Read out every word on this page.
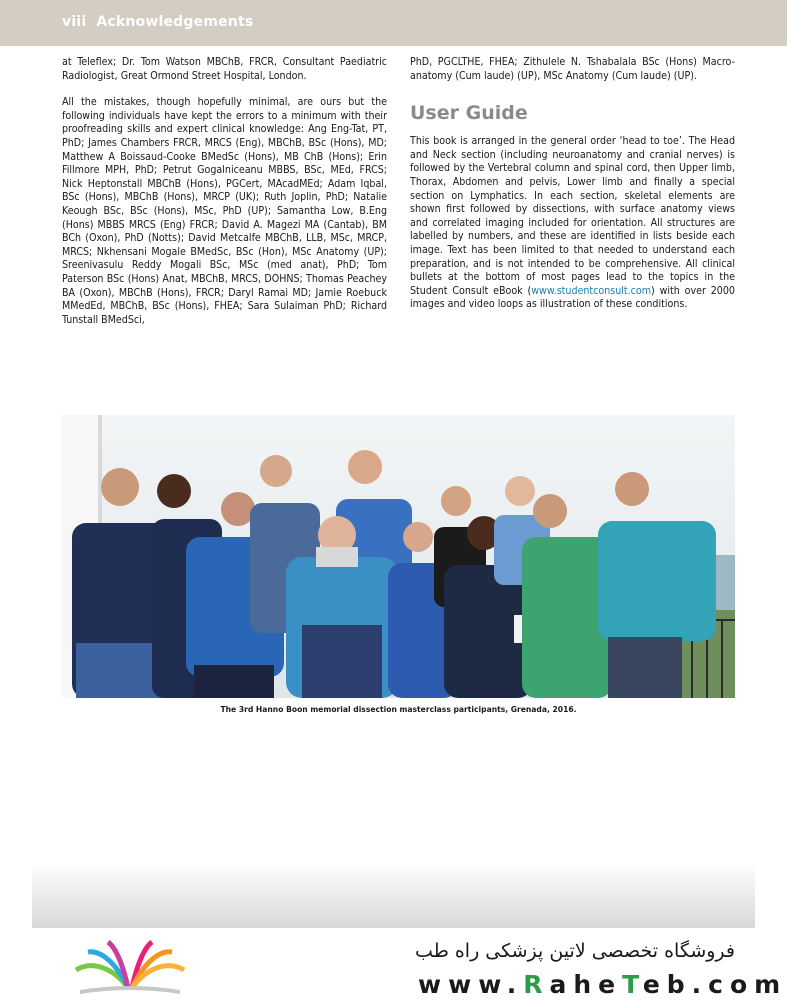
viii Acknowledgements

at Teleflex; Dr. Tom Watson MBChB, FRCR, Consultant Paediatric Radiologist, Great Ormond Street Hospital, London.

All the mistakes, though hopefully minimal, are ours but the following individuals have kept the errors to a minimum with their proofreading skills and expert clinical knowledge: Ang Eng-Tat, PT, PhD; James Chambers FRCR, MRCS (Eng), MBChB, BSc (Hons), MD; Matthew A Boissaud-Cooke BMedSc (Hons), MB ChB (Hons); Erin Fillmore MPH, PhD; Petrut Gogalniceanu MBBS, BSc, MEd, FRCS; Nick Heptonstall MBChB (Hons), PGCert, MAcadMEd; Adam Iqbal, BSc (Hons), MBChB (Hons), MRCP (UK); Ruth Joplin, PhD; Natalie Keough BSc, BSc (Hons), MSc, PhD (UP); Samantha Low, B.Eng (Hons) MBBS MRCS (Eng) FRCR; David A. Magezi MA (Cantab), BM BCh (Oxon), PhD (Notts); David Metcalfe MBChB, LLB, MSc, MRCP, MRCS; Nkhensani Mogale BMedSc, BSc (Hon), MSc Anatomy (UP); Sreenivasulu Reddy Mogali BSc, MSc (med anat), PhD; Tom Paterson BSc (Hons) Anat, MBChB, MRCS, DOHNS; Thomas Peachey BA (Oxon), MBChB (Hons), FRCR; Daryl Ramai MD; Jamie Roebuck MMedEd, MBChB, BSc (Hons), FHEA; Sara Sulaiman PhD; Richard Tunstall BMedSci,

PhD, PGCLTHE, FHEA; Zithulele N. Tshabalala BSc (Hons) Macro-anatomy (Cum laude) (UP), MSc Anatomy (Cum laude) (UP).

User Guide

This book is arranged in the general order ‘head to toe’. The Head and Neck section (including neuroanatomy and cranial nerves) is followed by the Vertebral column and spinal cord, then Upper limb, Thorax, Abdomen and pelvis, Lower limb and finally a special section on Lymphatics. In each section, skeletal elements are shown first followed by dissections, with surface anatomy views and correlated imaging included for orientation. All structures are labelled by numbers, and these are identified in lists beside each image. Text has been limited to that needed to understand each preparation, and is not intended to be comprehensive. All clinical bullets at the bottom of most pages lead to the topics in the Student Consult eBook (www.studentconsult.com) with over 2000 images and video loops as illustration of these conditions.

The 3rd Hanno Boon memorial dissection masterclass participants, Grenada, 2016.
فروشگاه تخصصی لاتین پزشکی راه طب
www.RaheTeb.com
